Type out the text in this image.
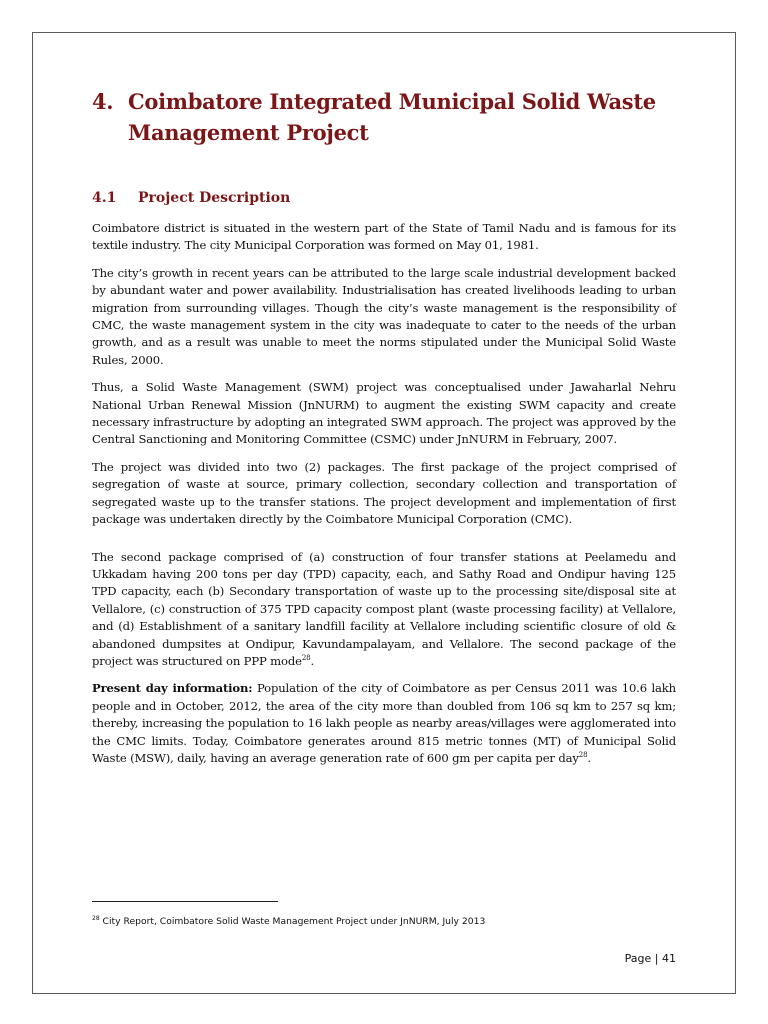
4. Coimbatore Integrated Municipal Solid Waste Management Project
4.1	Project Description

Coimbatore district is situated in the western part of the State of Tamil Nadu and is famous for its textile industry. The city Municipal Corporation was formed on May 01, 1981.

The city’s growth in recent years can be attributed to the large scale industrial development backed by abundant water and power availability. Industrialisation has created livelihoods leading to urban migration from surrounding villages. Though the city’s waste management is the responsibility of CMC, the waste management system in the city was inadequate to cater to the needs of the urban growth, and as a result was unable to meet the norms stipulated under the Municipal Solid Waste Rules, 2000.

Thus, a Solid Waste Management (SWM) project was conceptualised under Jawaharlal Nehru National Urban Renewal Mission (JnNURM) to augment the existing SWM capacity and create necessary infrastructure by adopting an integrated SWM approach. The project was approved by the Central Sanctioning and Monitoring Committee (CSMC) under JnNURM in February, 2007.

The project was divided into two (2) packages. The first package of the project comprised of segregation of waste at source, primary collection, secondary collection and transportation of segregated waste up to the transfer stations. The project development and implementation of first package was undertaken directly by the Coimbatore Municipal Corporation (CMC).

The second package comprised of (a) construction of four transfer stations at Peelamedu and Ukkadam having 200 tons per day (TPD) capacity, each, and Sathy Road and Ondipur having 125 TPD capacity, each (b) Secondary transportation of waste up to the processing site/disposal site at Vellalore, (c) construction of 375 TPD capacity compost plant (waste processing facility) at Vellalore, and (d) Establishment of a sanitary landfill facility at Vellalore including scientific closure of old & abandoned dumpsites at Ondipur, Kavundampalayam, and Vellalore. The second package of the project was structured on PPP mode$^{28}$.

Present day information: Population of the city of Coimbatore as per Census 2011 was 10.6 lakh people and in October, 2012, the area of the city more than doubled from 106 sq km to 257 sq km; thereby, increasing the population to 16 lakh people as nearby areas/villages were agglomerated into the CMC limits. Today, Coimbatore generates around 815 metric tonnes (MT) of Municipal Solid Waste (MSW), daily, having an average generation rate of 600 gm per capita per day$^{28}$.

$^{28}$ City Report, Coimbatore Solid Waste Management Project under JnNURM, July 2013
Page | 41
